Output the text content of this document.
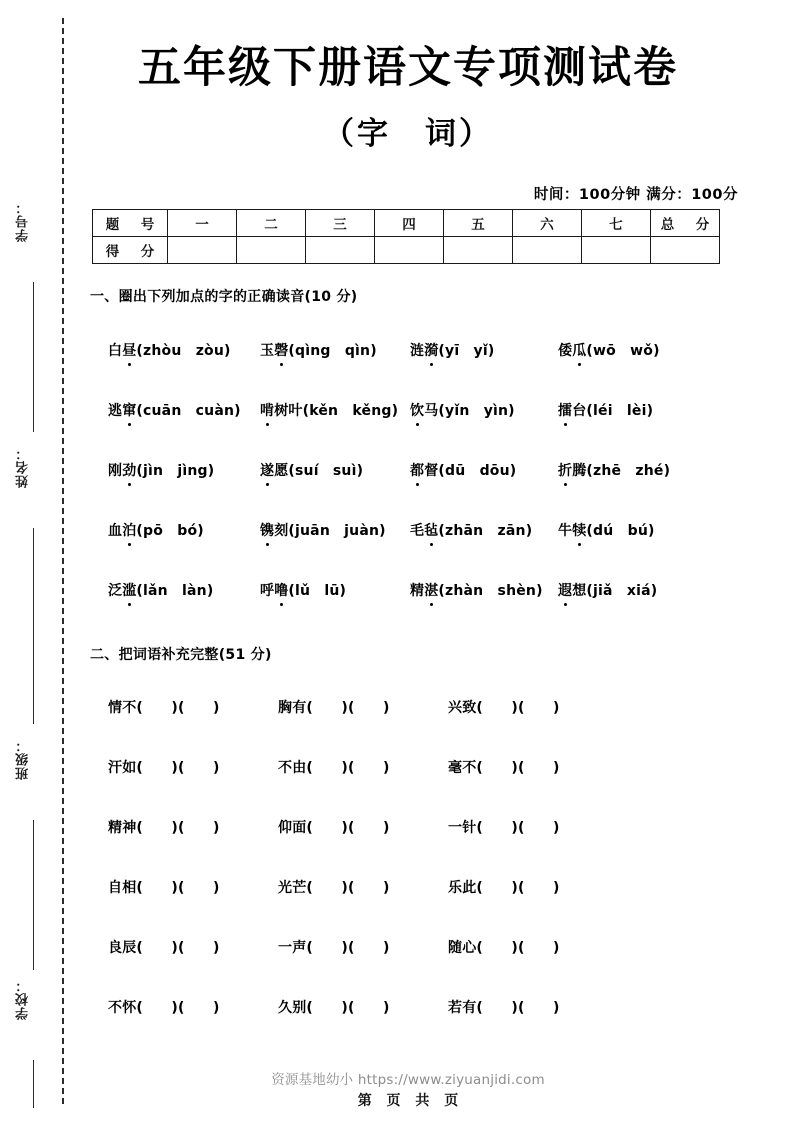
学号：
姓名：
班级：
学校：
五年级下册语文专项测试卷
（字　词）
时间：100分钟 满分：100分
题　号	一	二	三	四	五	六	七	总　分
得　分								
一、圈出下列加点的字的正确读音(10 分)
白昼(zhòu　zòu) 玉磬(qìng　qìn) 涟漪(yī　yǐ)	倭瓜(wō　wǒ)
逃窜(cuān　cuàn) 啃树叶(kěn　kěng) 饮马(yǐn　yìn)	擂台(léi　lèi)
刚劲(jìn　jìng)	遂愿(suí　suì)	都督(dū　dōu)	折腾(zhē　zhé)
血泊(pō　bó)	镌刻(juān　juàn) 毛毡(zhān　zān) 牛犊(dú　bú)
泛滥(lǎn　làn)	呼噜(lǔ　lū)	精湛(zhàn　shèn) 遐想(jiǎ　xiá)
二、把词语补充完整(51 分)
情不(　　)(　　)	胸有(　　)(　　)	兴致(　　)(　　)
汗如(　　)(　　)	不由(　　)(　　)	毫不(　　)(　　)
精神(　　)(　　)	仰面(　　)(　　)	一针(　　)(　　)
自相(　　)(　　)	光芒(　　)(　　)	乐此(　　)(　　)
良辰(　　)(　　)	一声(　　)(　　)	随心(　　)(　　)
不怀(　　)(　　)	久别(　　)(　　)	若有(　　)(　　)
资源基地幼小 https://www.ziyuanjidi.com
第 页 共 页
